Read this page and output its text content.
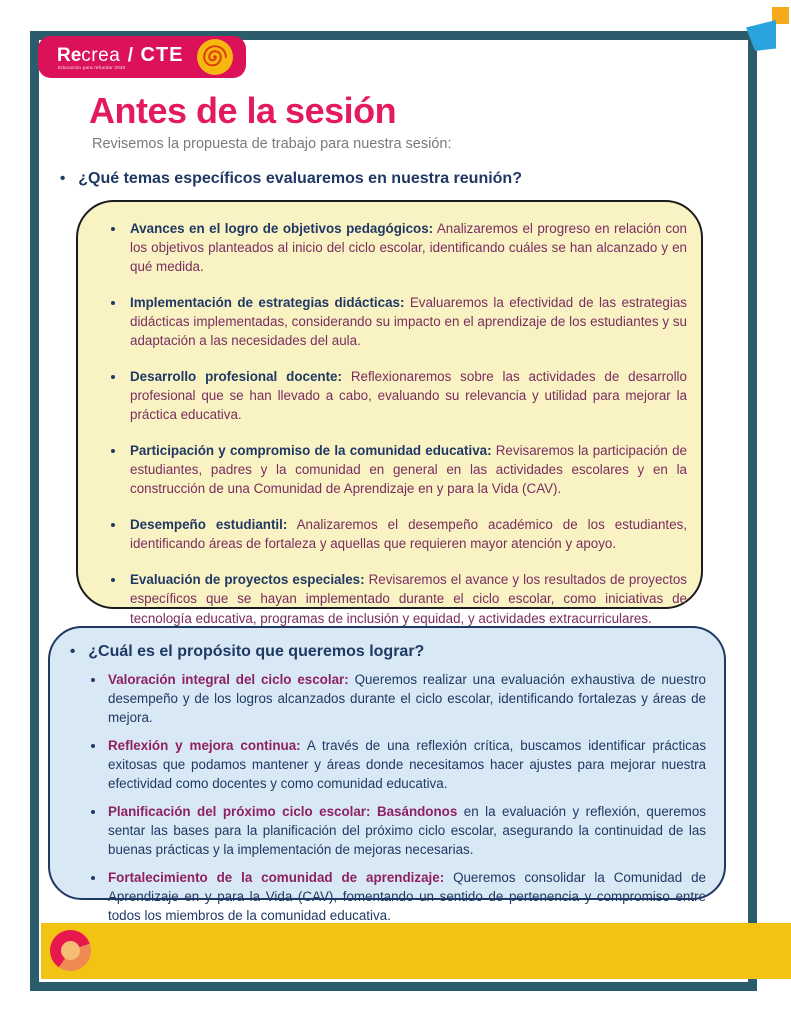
Recrea / CTE
Educación para refundar 2040
Antes de la sesión
Revisemos la propuesta de trabajo para nuestra sesión:
• ¿Qué temas específicos evaluaremos en nuestra reunión?
• Avances en el logro de objetivos pedagógicos: Analizaremos el progreso en relación con los objetivos planteados al inicio del ciclo escolar, identificando cuáles se han alcanzado y en qué medida.
• Implementación de estrategias didácticas: Evaluaremos la efectividad de las estrategias didácticas implementadas, considerando su impacto en el aprendizaje de los estudiantes y su adaptación a las necesidades del aula.
• Desarrollo profesional docente: Reflexionaremos sobre las actividades de desarrollo profesional que se han llevado a cabo, evaluando su relevancia y utilidad para mejorar la práctica educativa.
• Participación y compromiso de la comunidad educativa: Revisaremos la participación de estudiantes, padres y la comunidad en general en las actividades escolares y en la construcción de una Comunidad de Aprendizaje en y para la Vida (CAV).
• Desempeño estudiantil: Analizaremos el desempeño académico de los estudiantes, identificando áreas de fortaleza y aquellas que requieren mayor atención y apoyo.
• Evaluación de proyectos especiales: Revisaremos el avance y los resultados de proyectos específicos que se hayan implementado durante el ciclo escolar, como iniciativas de tecnología educativa, programas de inclusión y equidad, y actividades extracurriculares.
• ¿Cuál es el propósito que queremos lograr?
• Valoración integral del ciclo escolar: Queremos realizar una evaluación exhaustiva de nuestro desempeño y de los logros alcanzados durante el ciclo escolar, identificando fortalezas y áreas de mejora.
• Reflexión y mejora continua: A través de una reflexión crítica, buscamos identificar prácticas exitosas que podamos mantener y áreas donde necesitamos hacer ajustes para mejorar nuestra efectividad como docentes y como comunidad educativa.
• Planificación del próximo ciclo escolar: Basándonos en la evaluación y reflexión, queremos sentar las bases para la planificación del próximo ciclo escolar, asegurando la continuidad de las buenas prácticas y la implementación de mejoras necesarias.
• Fortalecimiento de la comunidad de aprendizaje: Queremos consolidar la Comunidad de Aprendizaje en y para la Vida (CAV), fomentando un sentido de pertenencia y compromiso entre todos los miembros de la comunidad educativa.
